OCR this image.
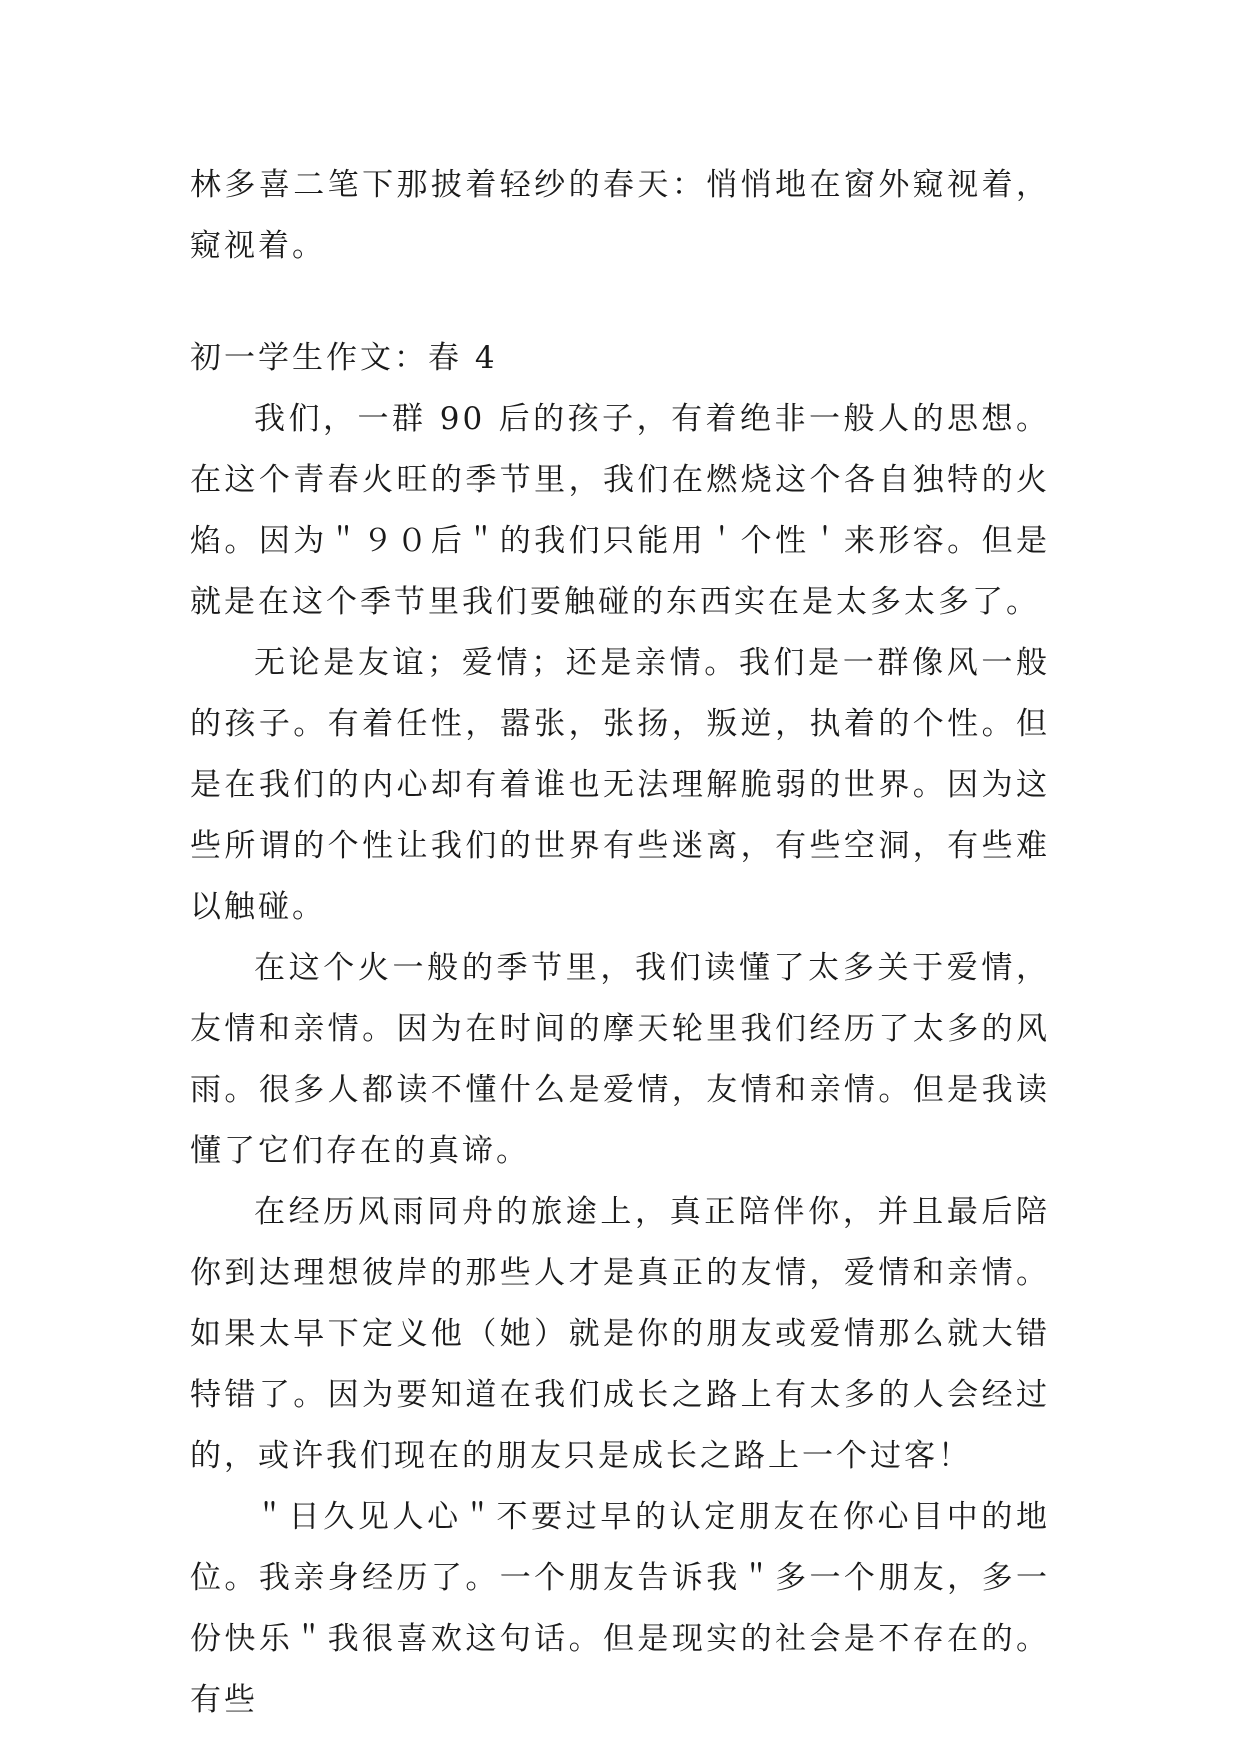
林多喜二笔下那披着轻纱的春天：悄悄地在窗外窥视着，窥视着。

初一学生作文：春 4

我们，一群 90 后的孩子，有着绝非一般人的思想。在这个青春火旺的季节里，我们在燃烧这个各自独特的火焰。因为＂９０后＂的我们只能用＇个性＇来形容。但是就是在这个季节里我们要触碰的东西实在是太多太多了。

无论是友谊；爱情；还是亲情。我们是一群像风一般的孩子。有着任性，嚣张，张扬，叛逆，执着的个性。但是在我们的内心却有着谁也无法理解脆弱的世界。因为这些所谓的个性让我们的世界有些迷离，有些空洞，有些难以触碰。

在这个火一般的季节里，我们读懂了太多关于爱情，友情和亲情。因为在时间的摩天轮里我们经历了太多的风雨。很多人都读不懂什么是爱情，友情和亲情。但是我读懂了它们存在的真谛。

在经历风雨同舟的旅途上，真正陪伴你，并且最后陪你到达理想彼岸的那些人才是真正的友情，爱情和亲情。如果太早下定义他（她）就是你的朋友或爱情那么就大错特错了。因为要知道在我们成长之路上有太多的人会经过的，或许我们现在的朋友只是成长之路上一个过客！

＂日久见人心＂不要过早的认定朋友在你心目中的地位。我亲身经历了。一个朋友告诉我＂多一个朋友，多一份快乐＂我很喜欢这句话。但是现实的社会是不存在的。有些
